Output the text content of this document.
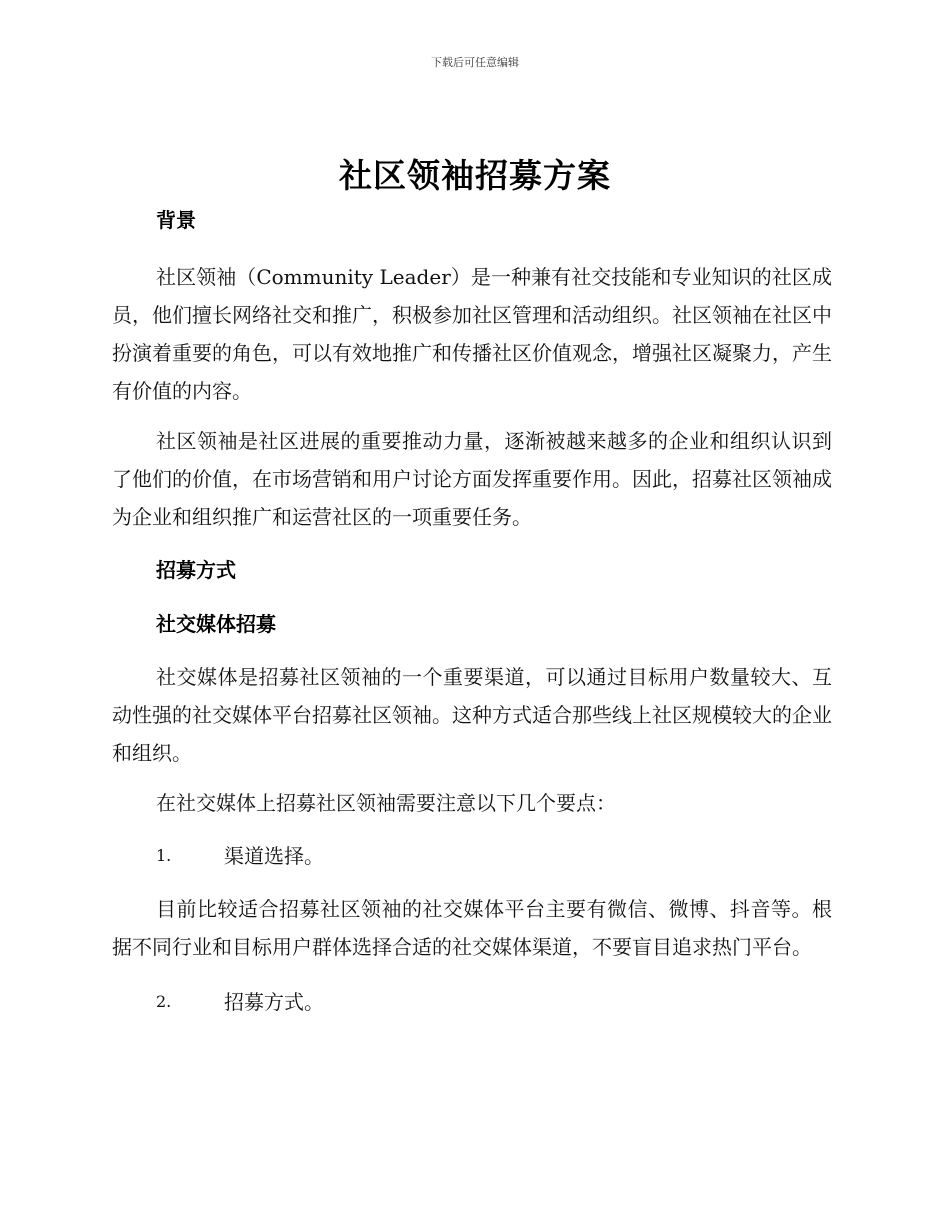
下载后可任意编辑
社区领袖招募方案

背景

社区领袖（Community Leader）是一种兼有社交技能和专业知识的社区成员，他们擅长网络社交和推广，积极参加社区管理和活动组织。社区领袖在社区中扮演着重要的角色，可以有效地推广和传播社区价值观念，增强社区凝聚力，产生有价值的内容。

社区领袖是社区进展的重要推动力量，逐渐被越来越多的企业和组织认识到了他们的价值，在市场营销和用户讨论方面发挥重要作用。因此，招募社区领袖成为企业和组织推广和运营社区的一项重要任务。

招募方式

社交媒体招募

社交媒体是招募社区领袖的一个重要渠道，可以通过目标用户数量较大、互动性强的社交媒体平台招募社区领袖。这种方式适合那些线上社区规模较大的企业和组织。

在社交媒体上招募社区领袖需要注意以下几个要点：

1.	渠道选择。

目前比较适合招募社区领袖的社交媒体平台主要有微信、微博、抖音等。根据不同行业和目标用户群体选择合适的社交媒体渠道，不要盲目追求热门平台。

2.	招募方式。
